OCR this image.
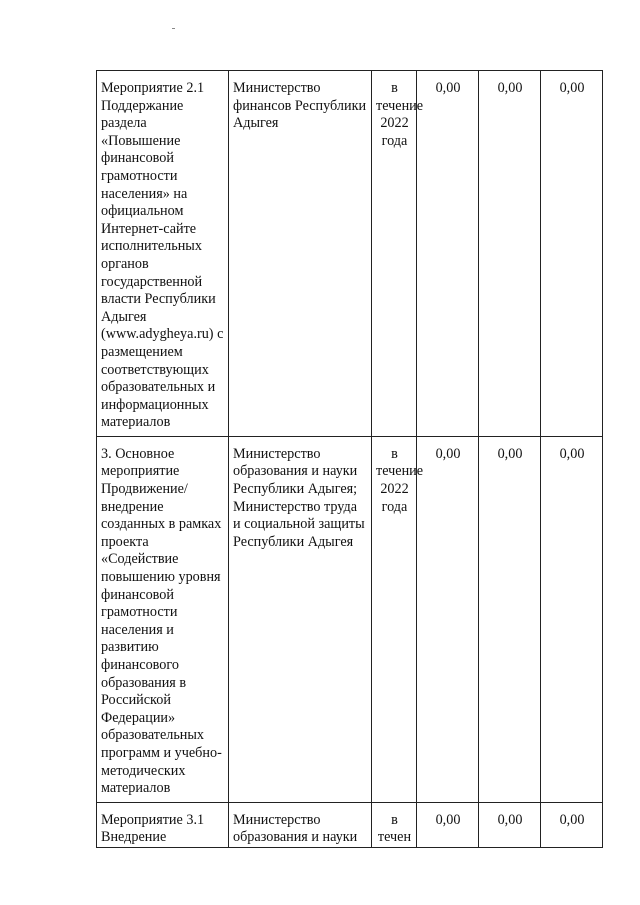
Мероприятие 2.1 Поддержание раздела «Повышение финансовой грамотности населения» на официальном Интернет-сайте исполнительных органов государственной власти Республики Адыгея (www.adygheya.ru) с размещением соответствующих образовательных и информационных материалов	Министерство финансов Республики Адыгея	в течение 2022 года	0,00	0,00	0,00
3. Основное мероприятие Продвижение/внедрение созданных в рамках проекта «Содействие повышению уровня финансовой грамотности населения и развитию финансового образования в Российской Федерации» образовательных программ и учебно-методических материалов	Министерство образования и науки Республики Адыгея; Министерство труда и социальной защиты Республики Адыгея	в течение 2022 года	0,00	0,00	0,00
Мероприятие 3.1 Внедрение	Министерство образования и науки	в течен	0,00	0,00	0,00
